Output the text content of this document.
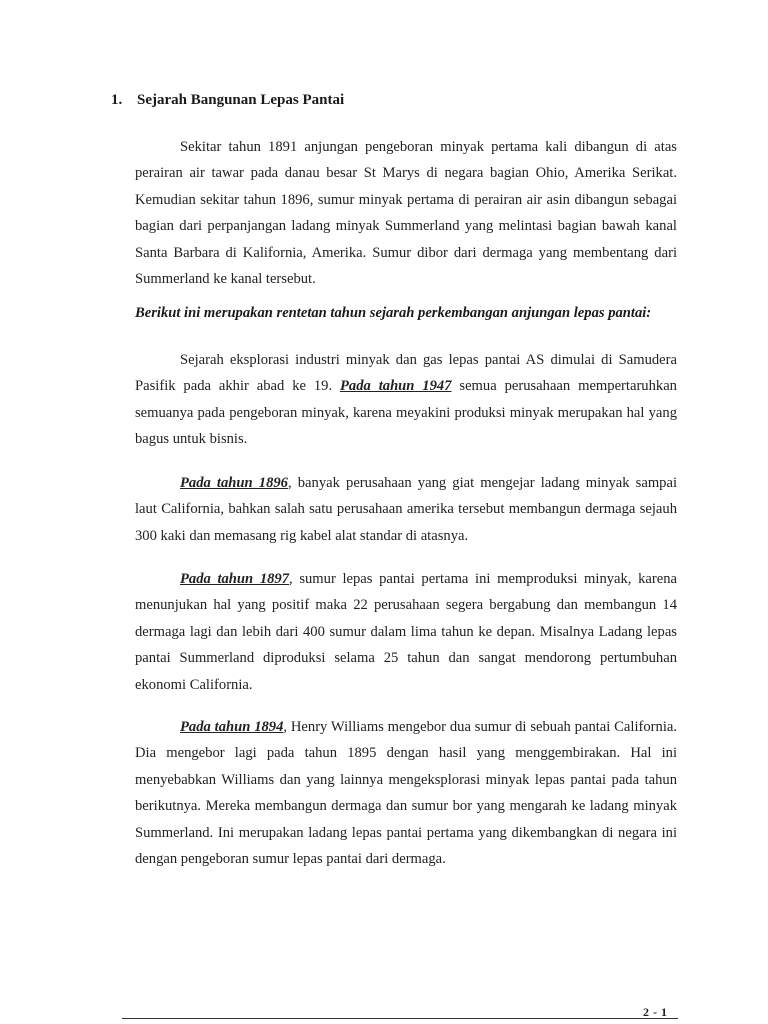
1. Sejarah Bangunan Lepas Pantai

Sekitar tahun 1891 anjungan pengeboran minyak pertama kali dibangun di atas perairan air tawar pada danau besar St Marys di negara bagian Ohio, Amerika Serikat. Kemudian sekitar tahun 1896, sumur minyak pertama di perairan air asin dibangun sebagai bagian dari perpanjangan ladang minyak Summerland yang melintasi bagian bawah kanal Santa Barbara di Kalifornia, Amerika. Sumur dibor dari dermaga yang membentang dari Summerland ke kanal tersebut.

Berikut ini merupakan rentetan tahun sejarah perkembangan anjungan lepas pantai:

Sejarah eksplorasi industri minyak dan gas lepas pantai AS dimulai di Samudera Pasifik pada akhir abad ke 19. Pada tahun 1947 semua perusahaan mempertaruhkan semuanya pada pengeboran minyak, karena meyakini produksi minyak merupakan hal yang bagus untuk bisnis.

Pada tahun 1896, banyak perusahaan yang giat mengejar ladang minyak sampai laut California, bahkan salah satu perusahaan amerika tersebut membangun dermaga sejauh 300 kaki dan memasang rig kabel alat standar di atasnya.

Pada tahun 1897, sumur lepas pantai pertama ini memproduksi minyak, karena menunjukan hal yang positif maka 22 perusahaan segera bergabung dan membangun 14 dermaga lagi dan lebih dari 400 sumur dalam lima tahun ke depan. Misalnya Ladang lepas pantai Summerland diproduksi selama 25 tahun dan sangat mendorong pertumbuhan ekonomi California.

Pada tahun 1894, Henry Williams mengebor dua sumur di sebuah pantai California. Dia mengebor lagi pada tahun 1895 dengan hasil yang menggembirakan. Hal ini menyebabkan Williams dan yang lainnya mengeksplorasi minyak lepas pantai pada tahun berikutnya. Mereka membangun dermaga dan sumur bor yang mengarah ke ladang minyak Summerland. Ini merupakan ladang lepas pantai pertama yang dikembangkan di negara ini dengan pengeboran sumur lepas pantai dari dermaga.

2 - 1
